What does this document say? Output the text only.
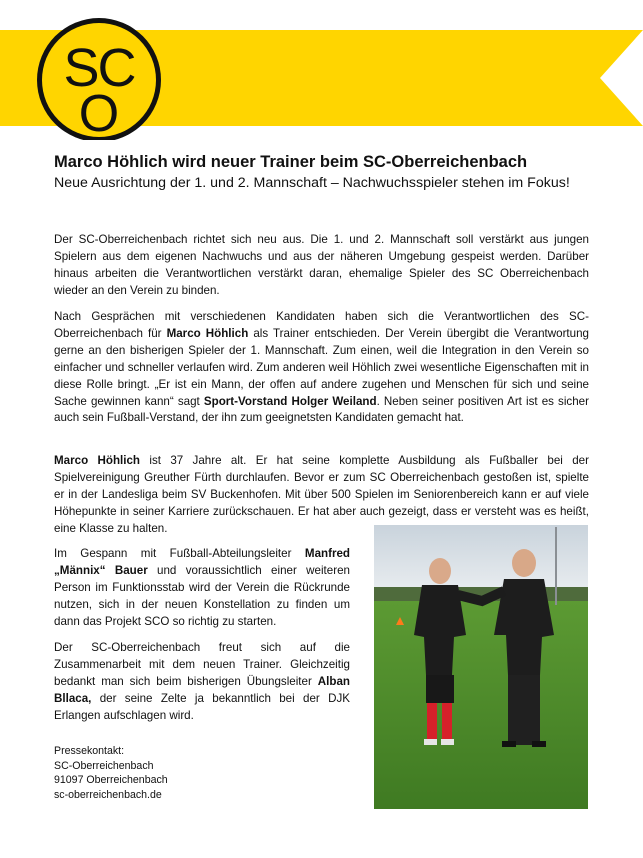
SC
O
Marco Höhlich wird neuer Trainer beim SC-Oberreichenbach

Neue Ausrichtung der 1. und 2. Mannschaft – Nachwuchsspieler stehen im Fokus!

Der SC-Oberreichenbach richtet sich neu aus. Die 1. und 2. Mannschaft soll verstärkt aus jungen Spielern aus dem eigenen Nachwuchs und aus der näheren Umgebung gespeist werden. Darüber hinaus arbeiten die Verantwortlichen verstärkt daran, ehemalige Spieler des SC Oberreichenbach wieder an den Verein zu binden.

Nach Gesprächen mit verschiedenen Kandidaten haben sich die Verantwortlichen des SC-Oberreichenbach für Marco Höhlich als Trainer entschieden. Der Verein übergibt die Verantwortung gerne an den bisherigen Spieler der 1. Mannschaft. Zum einen, weil die Integration in den Verein so einfacher und schneller verlaufen wird. Zum anderen weil Höhlich zwei wesentliche Eigenschaften mit in diese Rolle bringt. „Er ist ein Mann, der offen auf andere zugehen und Menschen für sich und seine Sache gewinnen kann“ sagt Sport-Vorstand Holger Weiland. Neben seiner positiven Art ist es sicher auch sein Fußball-Verstand, der ihn zum geeignetsten Kandidaten gemacht hat.

Marco Höhlich ist 37 Jahre alt. Er hat seine komplette Ausbildung als Fußballer bei der Spielvereinigung Greuther Fürth durchlaufen. Bevor er zum SC Oberreichenbach gestoßen ist, spielte er in der Landesliga beim SV Buckenhofen. Mit über 500 Spielen im Seniorenbereich kann er auf viele Höhepunkte in seiner Karriere zurückschauen. Er hat aber auch gezeigt, dass er versteht was es heißt, eine Klasse zu halten.

Im Gespann mit Fußball-Abteilungsleiter Manfred „Männix“ Bauer und voraussichtlich einer weiteren Person im Funktionsstab wird der Verein die Rückrunde nutzen, sich in der neuen Konstellation zu finden um dann das Projekt SCO so richtig zu starten.

Der SC-Oberreichenbach freut sich auf die Zusammenarbeit mit dem neuen Trainer. Gleichzeitig bedankt man sich beim bisherigen Übungsleiter Alban Bllaca, der seine Zelte ja bekanntlich bei der DJK Erlangen aufschlagen wird.

Pressekontakt:
SC-Oberreichenbach
91097 Oberreichenbach
sc-oberreichenbach.de
